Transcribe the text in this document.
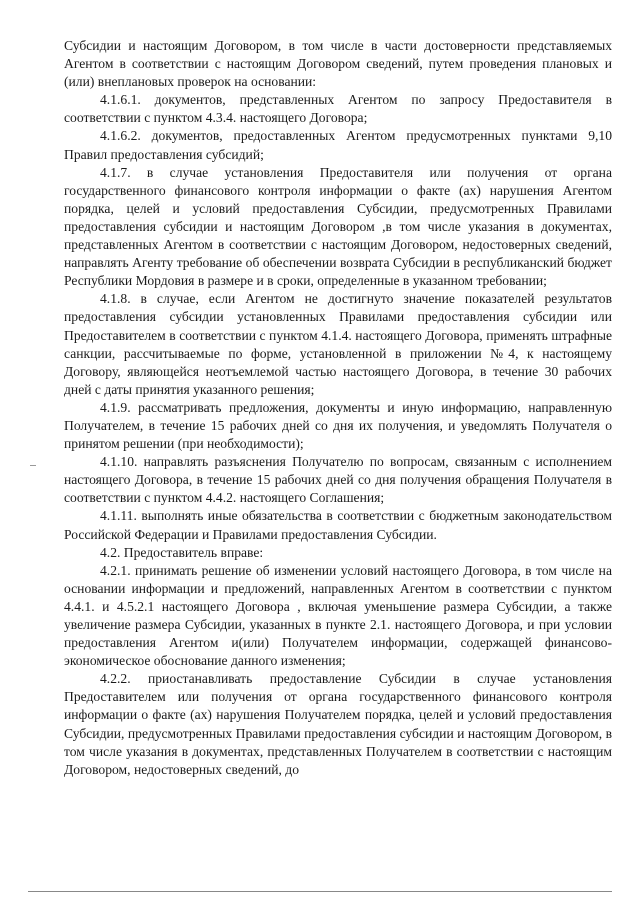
Субсидии и настоящим Договором, в том числе в части достоверности представляемых Агентом в соответствии с настоящим Договором сведений, путем проведения плановых и (или) внеплановых проверок на основании:

4.1.6.1. документов, представленных Агентом по запросу Предоставителя в соответствии с пунктом 4.3.4. настоящего Договора;

4.1.6.2. документов, предоставленных Агентом предусмотренных пунктами 9,10 Правил предоставления субсидий;

4.1.7. в случае установления Предоставителя или получения от органа государственного финансового контроля информации о факте (ах) нарушения Агентом порядка, целей и условий предоставления Субсидии, предусмотренных Правилами предоставления субсидии и настоящим Договором ,в том числе указания в документах, представленных Агентом в соответствии с настоящим Договором, недостоверных сведений, направлять Агенту требование об обеспечении возврата Субсидии в республиканский бюджет Республики Мордовия в размере и в сроки, определенные в указанном требовании;

4.1.8. в случае, если Агентом не достигнуто значение показателей результатов предоставления субсидии установленных Правилами предоставления субсидии или Предоставителем в соответствии с пунктом 4.1.4. настоящего Договора, применять штрафные санкции, рассчитываемые по форме, установленной в приложении №4, к настоящему Договору, являющейся неотъемлемой частью настоящего Договора, в течение 30 рабочих дней с даты принятия указанного решения;

4.1.9. рассматривать предложения, документы и иную информацию, направленную Получателем, в течение 15 рабочих дней со дня их получения, и уведомлять Получателя о принятом решении (при необходимости);

4.1.10. направлять разъяснения Получателю по вопросам, связанным с исполнением настоящего Договора, в течение 15 рабочих дней со дня получения обращения Получателя в соответствии с пунктом 4.4.2. настоящего Соглашения;

4.1.11. выполнять иные обязательства в соответствии с бюджетным законодательством Российской Федерации и Правилами предоставления Субсидии.

4.2. Предоставитель вправе:

4.2.1. принимать решение об изменении условий настоящего Договора, в том числе на основании информации и предложений, направленных Агентом в соответствии с пунктом 4.4.1. и 4.5.2.1 настоящего Договора , включая уменьшение размера Субсидии, а также увеличение размера Субсидии, указанных в пункте 2.1. настоящего Договора, и при условии предоставления Агентом и(или) Получателем информации, содержащей финансово-экономическое обоснование данного изменения;

4.2.2. приостанавливать предоставление Субсидии в случае установления Предоставителем или получения от органа государственного финансового контроля информации о факте (ах) нарушения Получателем порядка, целей и условий предоставления Субсидии, предусмотренных Правилами предоставления субсидии и настоящим Договором, в том числе указания в документах, представленных Получателем в соответствии с настоящим Договором, недостоверных сведений, до
